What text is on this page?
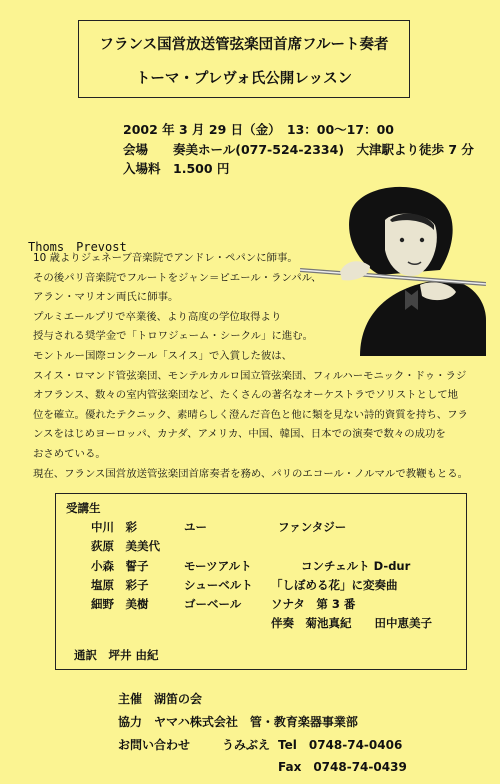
フランス国営放送管弦楽団首席フルート奏者
トーマ・プレヴォ氏公開レッスン
2002 年 3 月 29 日（金）　13：00～17：00
会場 奏美ホール(077-524-2334)　大津駅より徒歩 7 分
入場料 1.500 円
Thoms　Prevost

10 歳よりジェネーブ音楽院でアンドレ・ペパンに師事。

その後パリ音楽院でフルートをジャン＝ピエール・ランパル、

アラン・マリオン両氏に師事。

プルミエールプリで卒業後、より高度の学位取得より

授与される奨学金で「トロワジェーム・シークル」に進む。

モントルー国際コンクール「スイス」で入賞した彼は、

スイス・ロマンド管弦楽団、モンテルカルロ国立管弦楽団、フィルハーモニック・ドゥ・ラジ

オフランス、数々の室内管弦楽団など、たくさんの著名なオーケストラでソリストとして地

位を確立。優れたテクニック、素晴らしく澄んだ音色と他に類を見ない詩的資質を持ち、フラ

ンスをはじめヨーロッパ、カナダ、アメリカ、中国、韓国、日本での演奏で数々の成功を

おさめている。

現在、フランス国営放送管弦楽団首席奏者を務め、パリのエコール・ノルマルで教鞭もとる。

受講生
中川　彩	ユー	ファンタジー
荻原　美美代
小森　誓子	モーツアルト	コンチェルト D-dur
塩原　彩子	シューベルト 「しぼめる花」に変奏曲
細野　美樹	ゴーベール	ソナタ　第 3 番
伴奏　菊池真紀　　田中恵美子
通訳　坪井 由紀
主催　湖笛の会
協力　ヤマハ株式会社　管・教育楽器事業部
お問い合わせ	うみぶえ Tel　0748-74-0406
Fax　0748-74-0439
